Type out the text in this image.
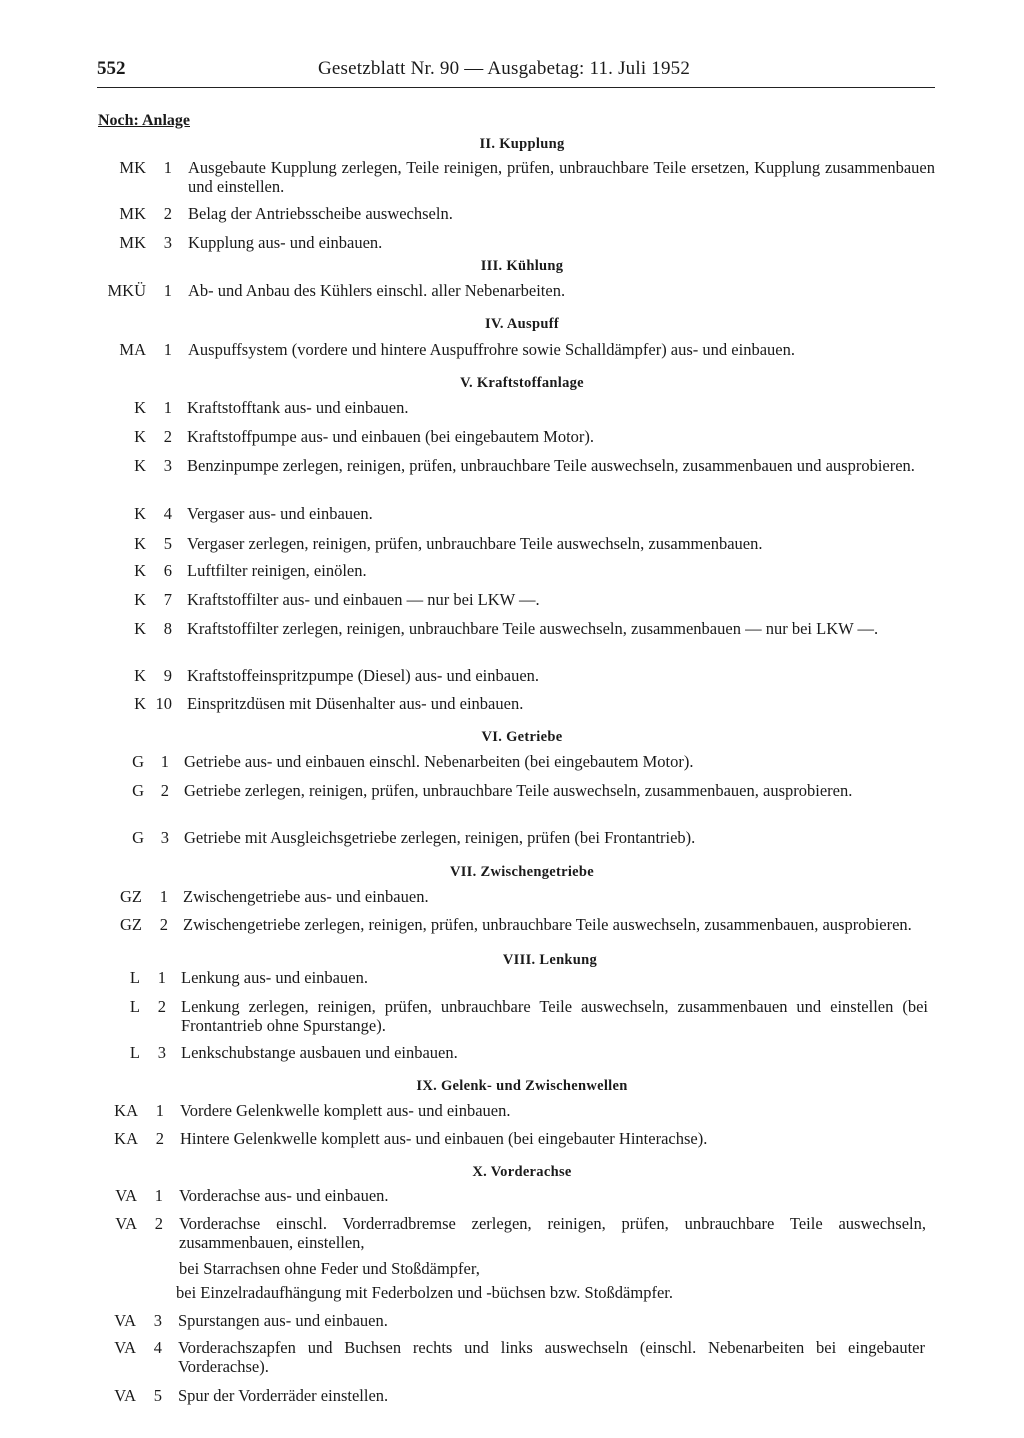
552	Gesetzblatt Nr. 90 — Ausgabetag: 11. Juli 1952
Noch: Anlage
II. Kupplung
MK	1 Ausgebaute Kupplung zerlegen, Teile reinigen, prüfen, unbrauchbare Teile ersetzen, Kupplung zusammenbauen und einstellen.
MK	2 Belag der Antriebsscheibe auswechseln.
MK	3 Kupplung aus- und einbauen.
III. Kühlung
MKÜ	1 Ab- und Anbau des Kühlers einschl. aller Nebenarbeiten.
IV. Auspuff
MA	1 Auspuffsystem (vordere und hintere Auspuffrohre sowie Schalldämpfer) aus- und einbauen.
V. Kraftstoffanlage
K	1 Kraftstofftank aus- und einbauen.
K	2 Kraftstoffpumpe aus- und einbauen (bei eingebautem Motor).
K	3 Benzinpumpe zerlegen, reinigen, prüfen, unbrauchbare Teile auswechseln, zusammenbauen und ausprobieren.
K	4 Vergaser aus- und einbauen.
K	5 Vergaser zerlegen, reinigen, prüfen, unbrauchbare Teile auswechseln, zusammenbauen.
K	6 Luftfilter reinigen, einölen.
K	7 Kraftstoffilter aus- und einbauen — nur bei LKW —.
K	8 Kraftstoffilter zerlegen, reinigen, unbrauchbare Teile auswechseln, zusammenbauen — nur bei LKW —.
K	9 Kraftstoffeinspritzpumpe (Diesel) aus- und einbauen.
K 10 Einspritzdüsen mit Düsenhalter aus- und einbauen.
VI. Getriebe
G	1 Getriebe aus- und einbauen einschl. Nebenarbeiten (bei eingebautem Motor).
G	2 Getriebe zerlegen, reinigen, prüfen, unbrauchbare Teile auswechseln, zusammenbauen, ausprobieren.
G	3 Getriebe mit Ausgleichsgetriebe zerlegen, reinigen, prüfen (bei Frontantrieb).
VII. Zwischengetriebe
GZ	1 Zwischengetriebe aus- und einbauen.
GZ	2 Zwischengetriebe zerlegen, reinigen, prüfen, unbrauchbare Teile auswechseln, zusammenbauen, ausprobieren.
VIII. Lenkung
L	1 Lenkung aus- und einbauen.
L	2 Lenkung zerlegen, reinigen, prüfen, unbrauchbare Teile auswechseln, zusammenbauen und einstellen (bei Frontantrieb ohne Spurstange).
L	3 Lenkschubstange ausbauen und einbauen.
IX. Gelenk- und Zwischenwellen
KA	1 Vordere Gelenkwelle komplett aus- und einbauen.
KA	2 Hintere Gelenkwelle komplett aus- und einbauen (bei eingebauter Hinterachse).
X. Vorderachse
VA	1 Vorderachse aus- und einbauen.
VA	2 Vorderachse einschl. Vorderradbremse zerlegen, reinigen, prüfen, unbrauchbare Teile auswechseln, zusammenbauen, einstellen,
bei Starrachsen ohne Feder und Stoßdämpfer,
bei Einzelradaufhängung mit Federbolzen und -büchsen bzw. Stoßdämpfer.
VA	3 Spurstangen aus- und einbauen.
VA	4 Vorderachszapfen und Buchsen rechts und links auswechseln (einschl. Nebenarbeiten bei eingebauter Vorderachse).
VA	5 Spur der Vorderräder einstellen.
